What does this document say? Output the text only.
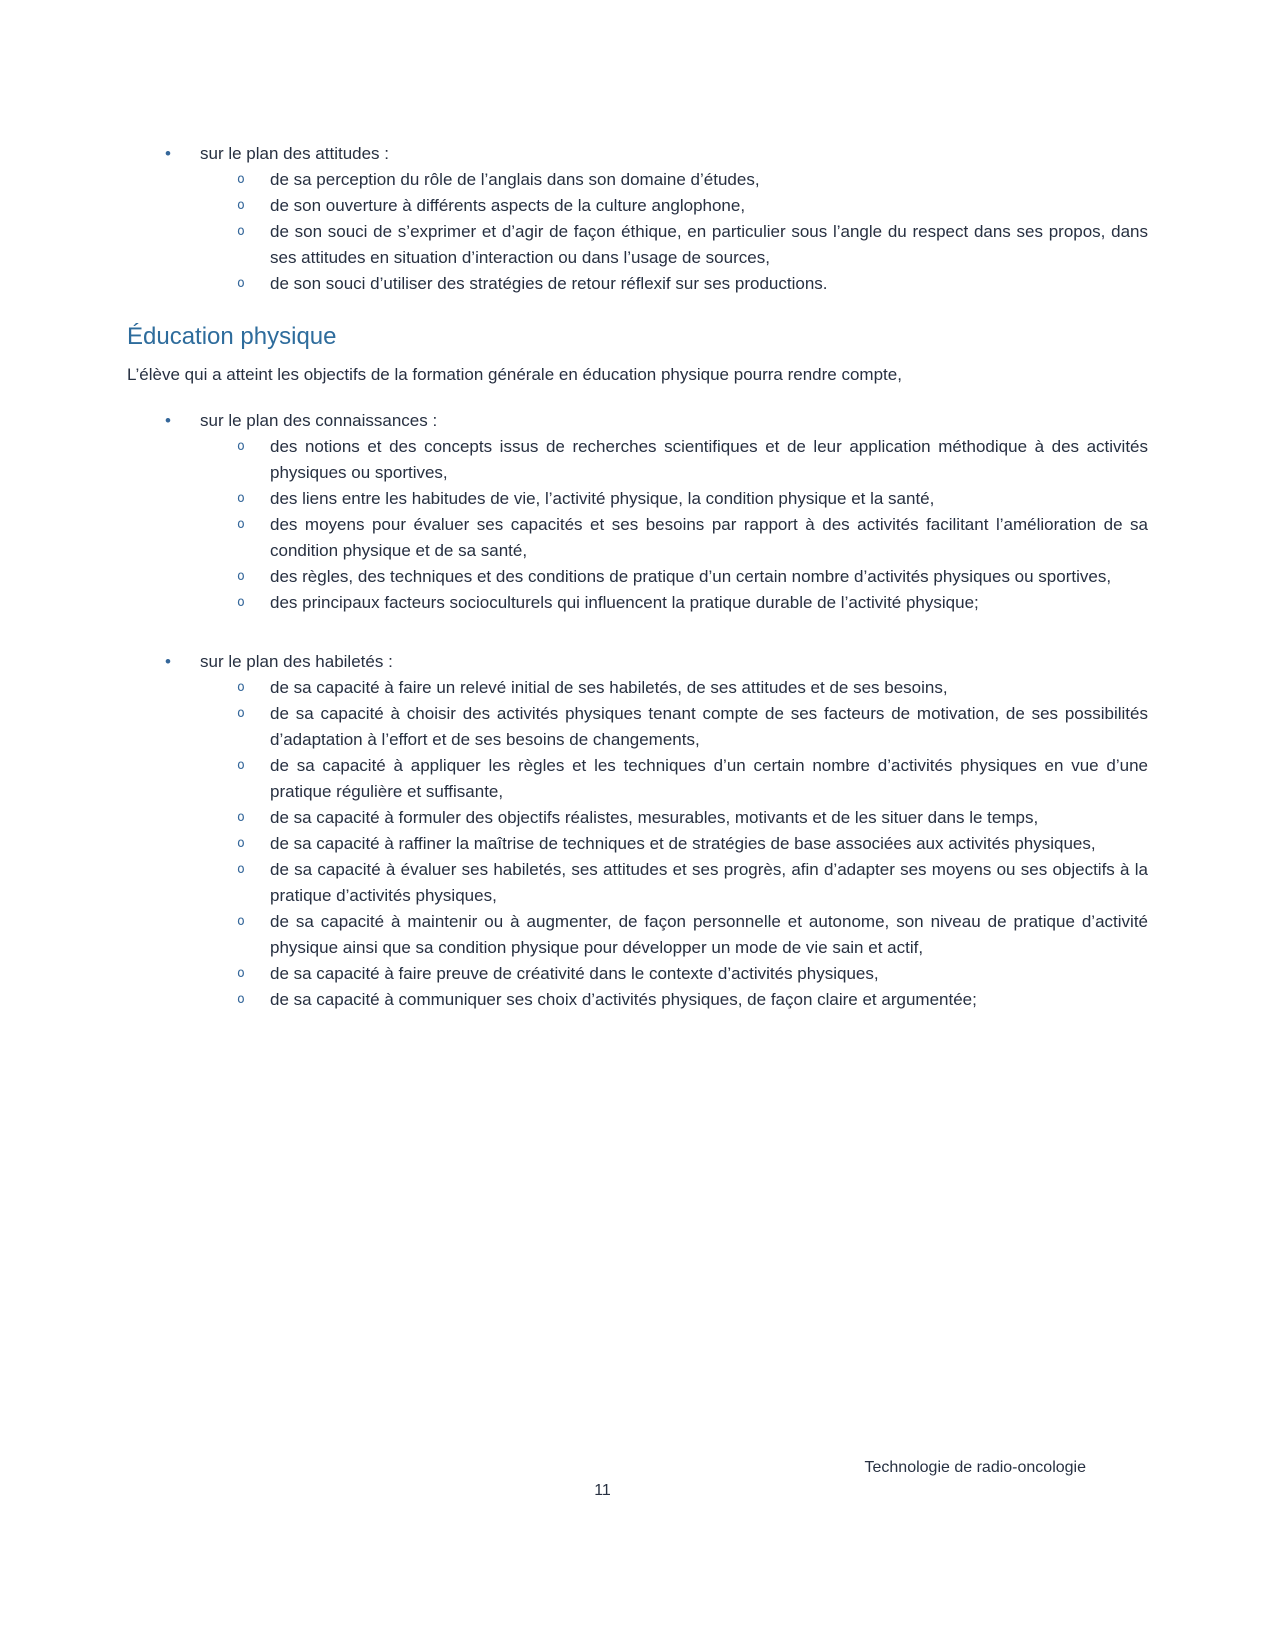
•	sur le plan des attitudes :
o	de sa perception du rôle de l’anglais dans son domaine d’études,
o	de son ouverture à différents aspects de la culture anglophone,
o	de son souci de s’exprimer et d’agir de façon éthique, en particulier sous l’angle du respect dans ses propos, dans ses attitudes en situation d’interaction ou dans l’usage de sources,
o	de son souci d’utiliser des stratégies de retour réflexif sur ses productions.
Éducation physique

L’élève qui a atteint les objectifs de la formation générale en éducation physique pourra rendre compte,

•	sur le plan des connaissances :
o	des notions et des concepts issus de recherches scientifiques et de leur application méthodique à des activités physiques ou sportives,
o	des liens entre les habitudes de vie, l’activité physique, la condition physique et la santé,
o	des moyens pour évaluer ses capacités et ses besoins par rapport à des activités facilitant l’amélioration de sa condition physique et de sa santé,
o	des règles, des techniques et des conditions de pratique d’un certain nombre d’activités physiques ou sportives,
o	des principaux facteurs socioculturels qui influencent la pratique durable de l’activité physique;
•	sur le plan des habiletés :
o	de sa capacité à faire un relevé initial de ses habiletés, de ses attitudes et de ses besoins,
o	de sa capacité à choisir des activités physiques tenant compte de ses facteurs de motivation, de ses possibilités d’adaptation à l’effort et de ses besoins de changements,
o	de sa capacité à appliquer les règles et les techniques d’un certain nombre d’activités physiques en vue d’une pratique régulière et suffisante,
o	de sa capacité à formuler des objectifs réalistes, mesurables, motivants et de les situer dans le temps,
o	de sa capacité à raffiner la maîtrise de techniques et de stratégies de base associées aux activités physiques,
o	de sa capacité à évaluer ses habiletés, ses attitudes et ses progrès, afin d’adapter ses moyens ou ses objectifs à la pratique d’activités physiques,
o	de sa capacité à maintenir ou à augmenter, de façon personnelle et autonome, son niveau de pratique d’activité physique ainsi que sa condition physique pour développer un mode de vie sain et actif,
o	de sa capacité à faire preuve de créativité dans le contexte d’activités physiques,
o	de sa capacité à communiquer ses choix d’activités physiques, de façon claire et argumentée;
Technologie de radio-oncologie
11
